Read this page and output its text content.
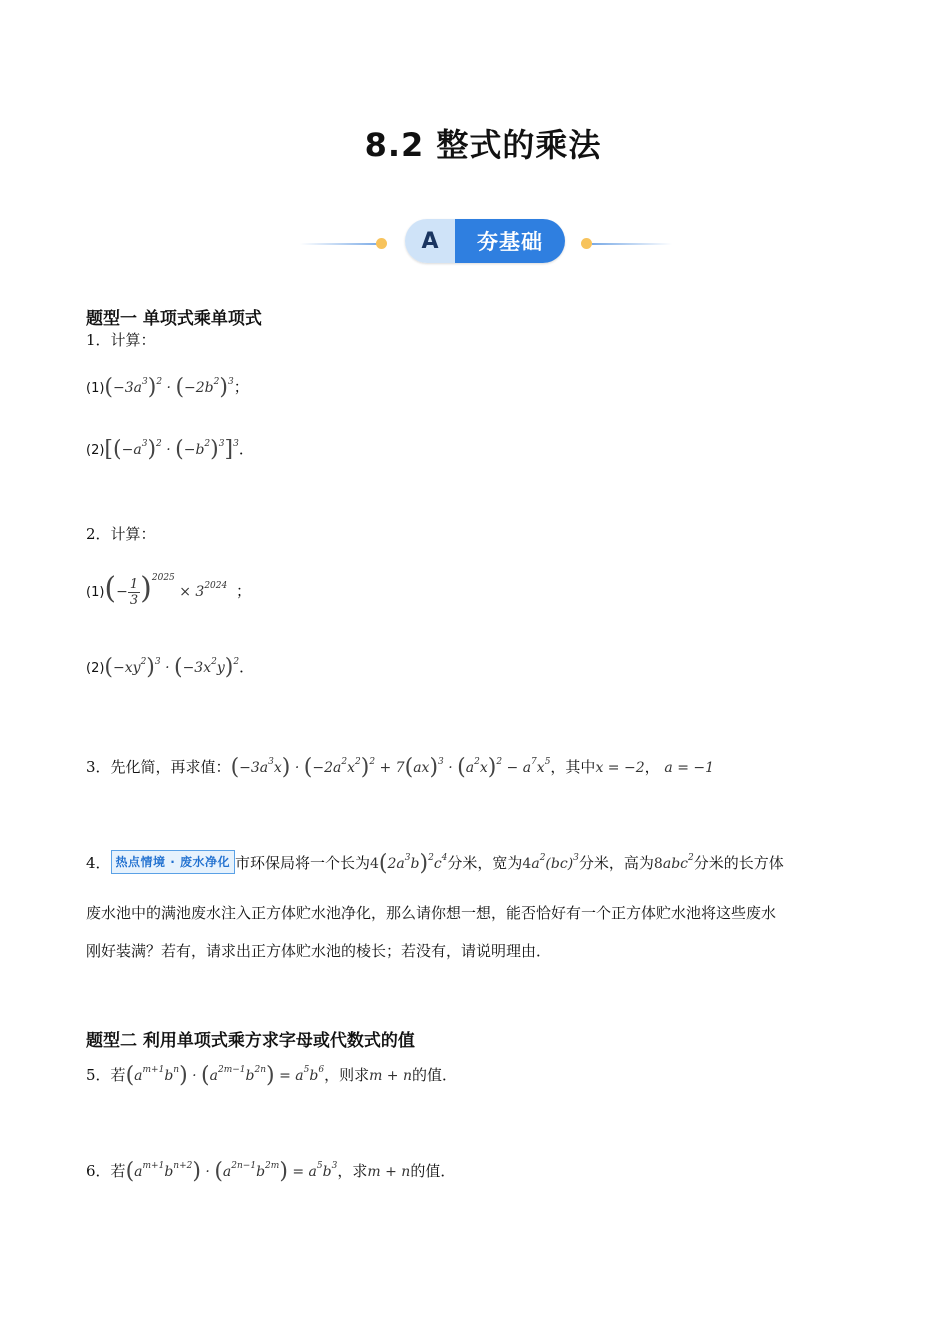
8.2 整式的乘法
A	夯基础
题型一 单项式乘单项式
1．计算：
$(1)(-3a^3)^2 \cdot (-2b^2)^3$；
$(2)[(-a^3)^2 \cdot (-b^2)^3]^3$．
2．计算：
$(1)(- \frac{1}{3})^{2025} \times 3^{2024}$ ；
$(2)(-xy^2)^3 \cdot (-3x^2y)^2$．
3．先化简，再求值：$(-3a^3x) \cdot (-2a^2x^2)^2 + 7(ax)^3 \cdot (a^2x)^2 - a^7x^5$，其中x = −2， a = −1
4． 热点情境 · 废水净化 市环保局将一个长为$4(2a^3b)^2c^4$分米，宽为$4a^2(bc)^3$分米，高为8abc$^2$分米的长方体
废水池中的满池废水注入正方体贮水池净化，那么请你想一想，能否恰好有一个正方体贮水池将这些废水
刚好装满？若有，请求出正方体贮水池的棱长；若没有，请说明理由．
题型二 利用单项式乘方求字母或代数式的值
5．若$(a^{m+1}b^n) \cdot (a^{2m-1}b^{2n}) = a^5b^6$，则求m + n的值．
6．若$(a^{m+1}b^{n+2}) \cdot (a^{2n-1}b^{2m}) = a^5b^3$，求m + n的值．
